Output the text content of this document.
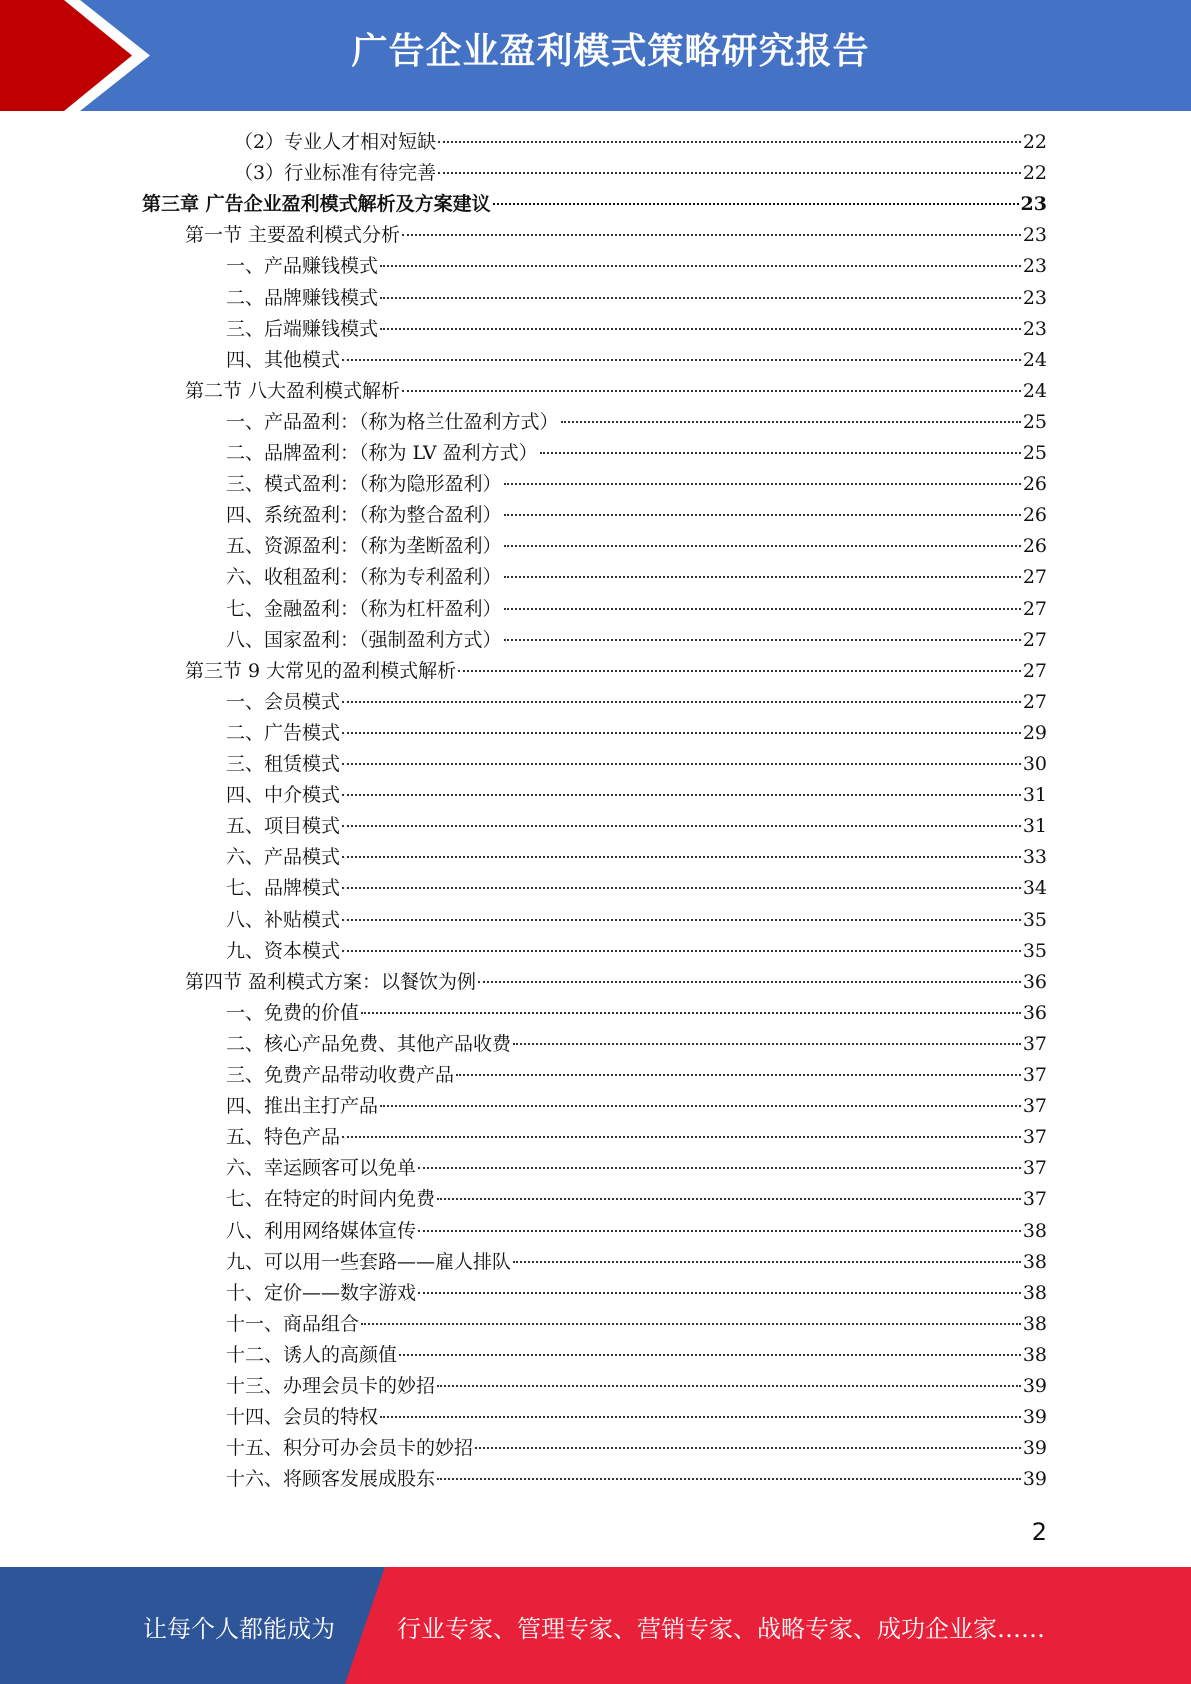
广告企业盈利模式策略研究报告
（2）专业人才相对短缺	22
（3）行业标准有待完善	22
第三章 广告企业盈利模式解析及方案建议	23
第一节 主要盈利模式分析	23
一、产品赚钱模式	23
二、品牌赚钱模式	23
三、后端赚钱模式	23
四、其他模式	24
第二节 八大盈利模式解析	24
一、产品盈利：（称为格兰仕盈利方式）	25
二、品牌盈利：（称为 LV 盈利方式）	25
三、模式盈利：（称为隐形盈利）	26
四、系统盈利：（称为整合盈利）	26
五、资源盈利：（称为垄断盈利）	26
六、收租盈利：（称为专利盈利）	27
七、金融盈利：（称为杠杆盈利）	27
八、国家盈利：（强制盈利方式）	27
第三节 9 大常见的盈利模式解析	27
一、会员模式	27
二、广告模式	29
三、租赁模式	30
四、中介模式	31
五、项目模式	31
六、产品模式	33
七、品牌模式	34
八、补贴模式	35
九、资本模式	35
第四节 盈利模式方案：以餐饮为例	36
一、免费的价值	36
二、核心产品免费、其他产品收费	37
三、免费产品带动收费产品	37
四、推出主打产品	37
五、特色产品	37
六、幸运顾客可以免单	37
七、在特定的时间内免费	37
八、利用网络媒体宣传	38
九、可以用一些套路——雇人排队	38
十、定价——数字游戏	38
十一、商品组合	38
十二、诱人的高颜值	38
十三、办理会员卡的妙招	39
十四、会员的特权	39
十五、积分可办会员卡的妙招	39
十六、将顾客发展成股东	39
2
让每个人都能成为	行业专家、管理专家、营销专家、战略专家、成功企业家……
